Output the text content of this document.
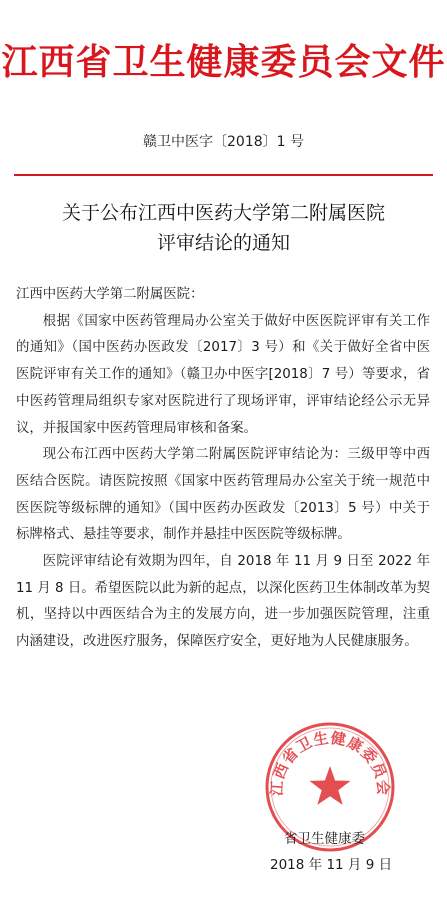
江西省卫生健康委员会文件
赣卫中医字〔2018〕1 号
关于公布江西中医药大学第二附属医院
评审结论的通知

江西中医药大学第二附属医院：

根据《国家中医药管理局办公室关于做好中医医院评审有关工作的通知》（国中医药办医政发〔2017〕3 号）和《关于做好全省中医医院评审有关工作的通知》（赣卫办中医字[2018〕7 号）等要求，省中医药管理局组织专家对医院进行了现场评审，评审结论经公示无异议，并报国家中医药管理局审核和备案。

现公布江西中医药大学第二附属医院评审结论为：三级甲等中西医结合医院。请医院按照《国家中医药管理局办公室关于统一规范中医医院等级标牌的通知》（国中医药办医政发〔2013〕5 号）中关于标牌格式、悬挂等要求，制作并悬挂中医医院等级标牌。

医院评审结论有效期为四年，自 2018 年 11 月 9 日至 2022 年 11 月 8 日。希望医院以此为新的起点，以深化医药卫生体制改革为契机，坚持以中西医结合为主的发展方向，进一步加强医院管理，注重内涵建设，改进医疗服务，保障医疗安全，更好地为人民健康服务。

江西省卫生健康委员会
省卫生健康委
2018 年 11 月 9 日
